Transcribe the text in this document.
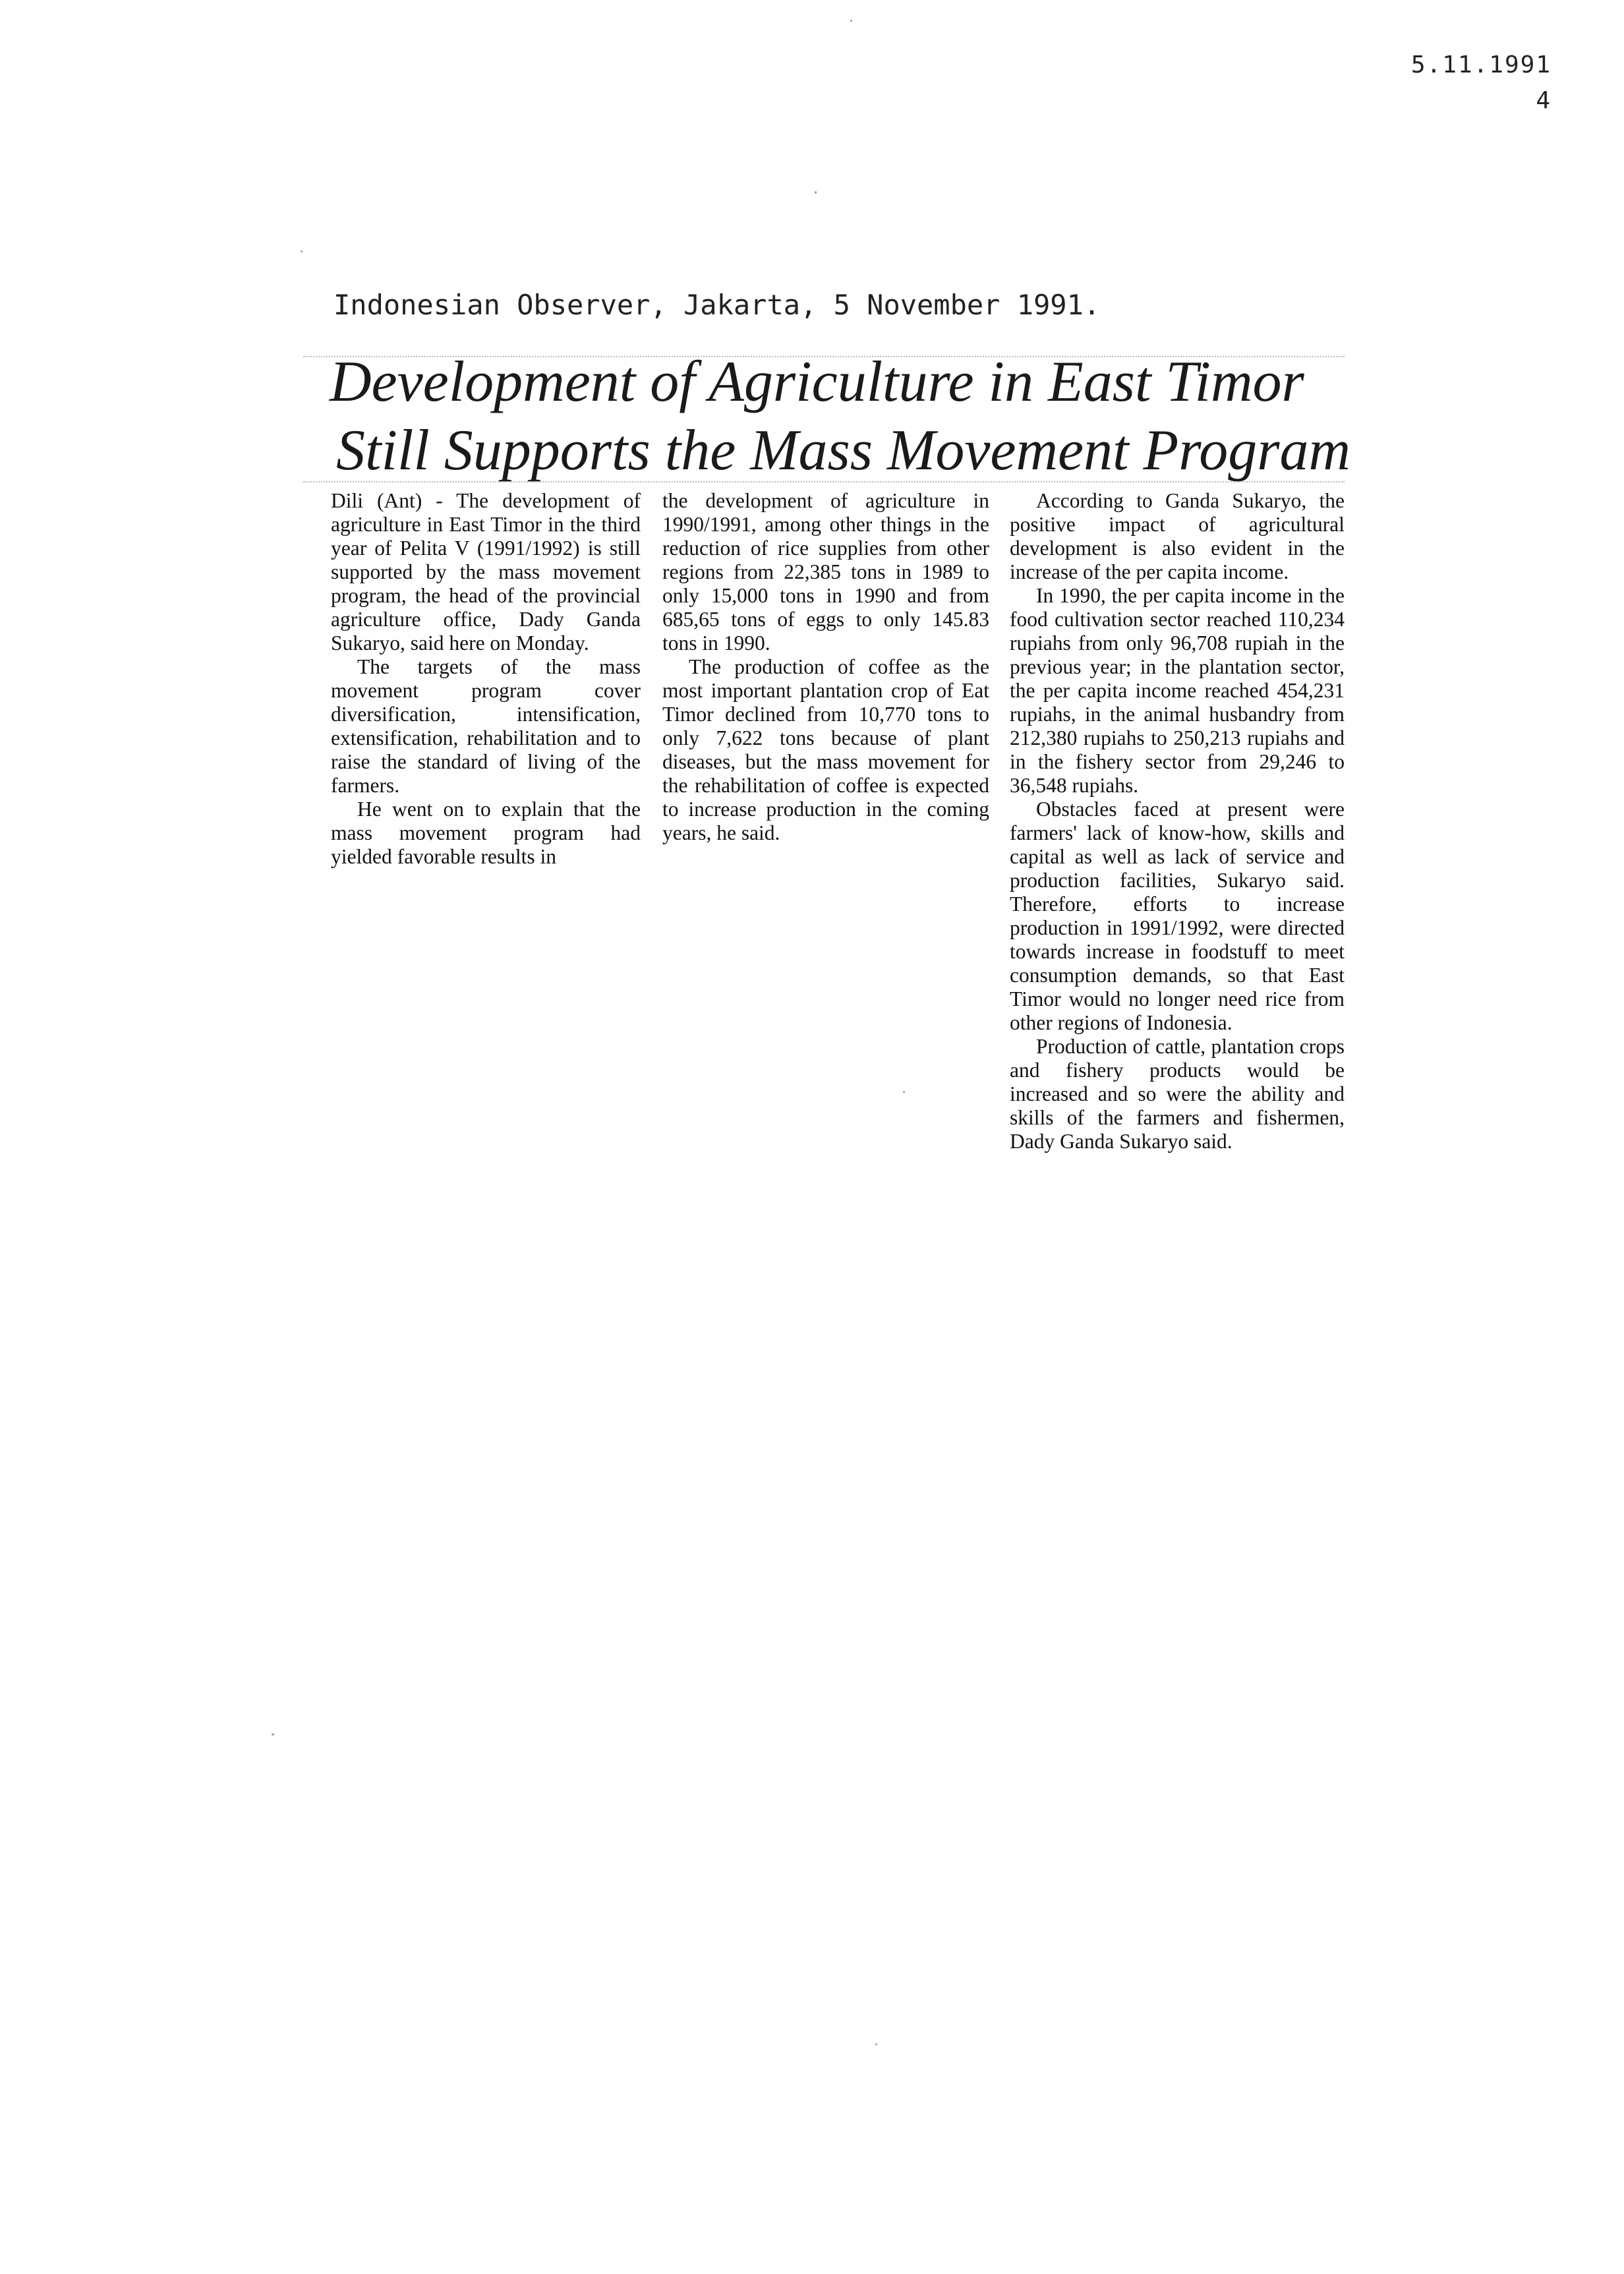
5.11.1991
4
Indonesian Observer, Jakarta, 5 November 1991.
Development of Agriculture in East Timor
Still Supports the Mass Movement Program

Dili (Ant) - The development of agriculture in East Timor in the third year of Pelita V (1991/1992) is still supported by the mass movement program, the head of the provincial agriculture office, Dady Ganda Sukaryo, said here on Monday.

The targets of the mass movement program cover diversification, intensification, extensification, rehabilitation and to raise the standard of living of the farmers.

He went on to explain that the mass movement program had yielded favorable results in

the development of agriculture in 1990/1991, among other things in the reduction of rice supplies from other regions from 22,385 tons in 1989 to only 15,000 tons in 1990 and from 685,65 tons of eggs to only 145.83 tons in 1990.

The production of coffee as the most important plantation crop of Eat Timor declined from 10,770 tons to only 7,622 tons because of plant diseases, but the mass movement for the rehabilitation of coffee is expected to increase production in the coming years, he said.

According to Ganda Sukaryo, the positive impact of agricultural development is also evident in the increase of the per capita income.

In 1990, the per capita income in the food cultivation sector reached 110,234 rupiahs from only 96,708 rupiah in the previous year; in the plantation sector, the per capita income reached 454,231 rupiahs, in the animal husbandry from 212,380 rupiahs to 250,213 rupiahs and in the fishery sector from 29,246 to 36,548 rupiahs.

Obstacles faced at present were farmers' lack of know-how, skills and capital as well as lack of service and production facilities, Sukaryo said. Therefore, efforts to increase production in 1991/1992, were directed towards increase in foodstuff to meet consumption demands, so that East Timor would no longer need rice from other regions of Indonesia.

Production of cattle, plantation crops and fishery products would be increased and so were the ability and skills of the farmers and fishermen, Dady Ganda Sukaryo said.
